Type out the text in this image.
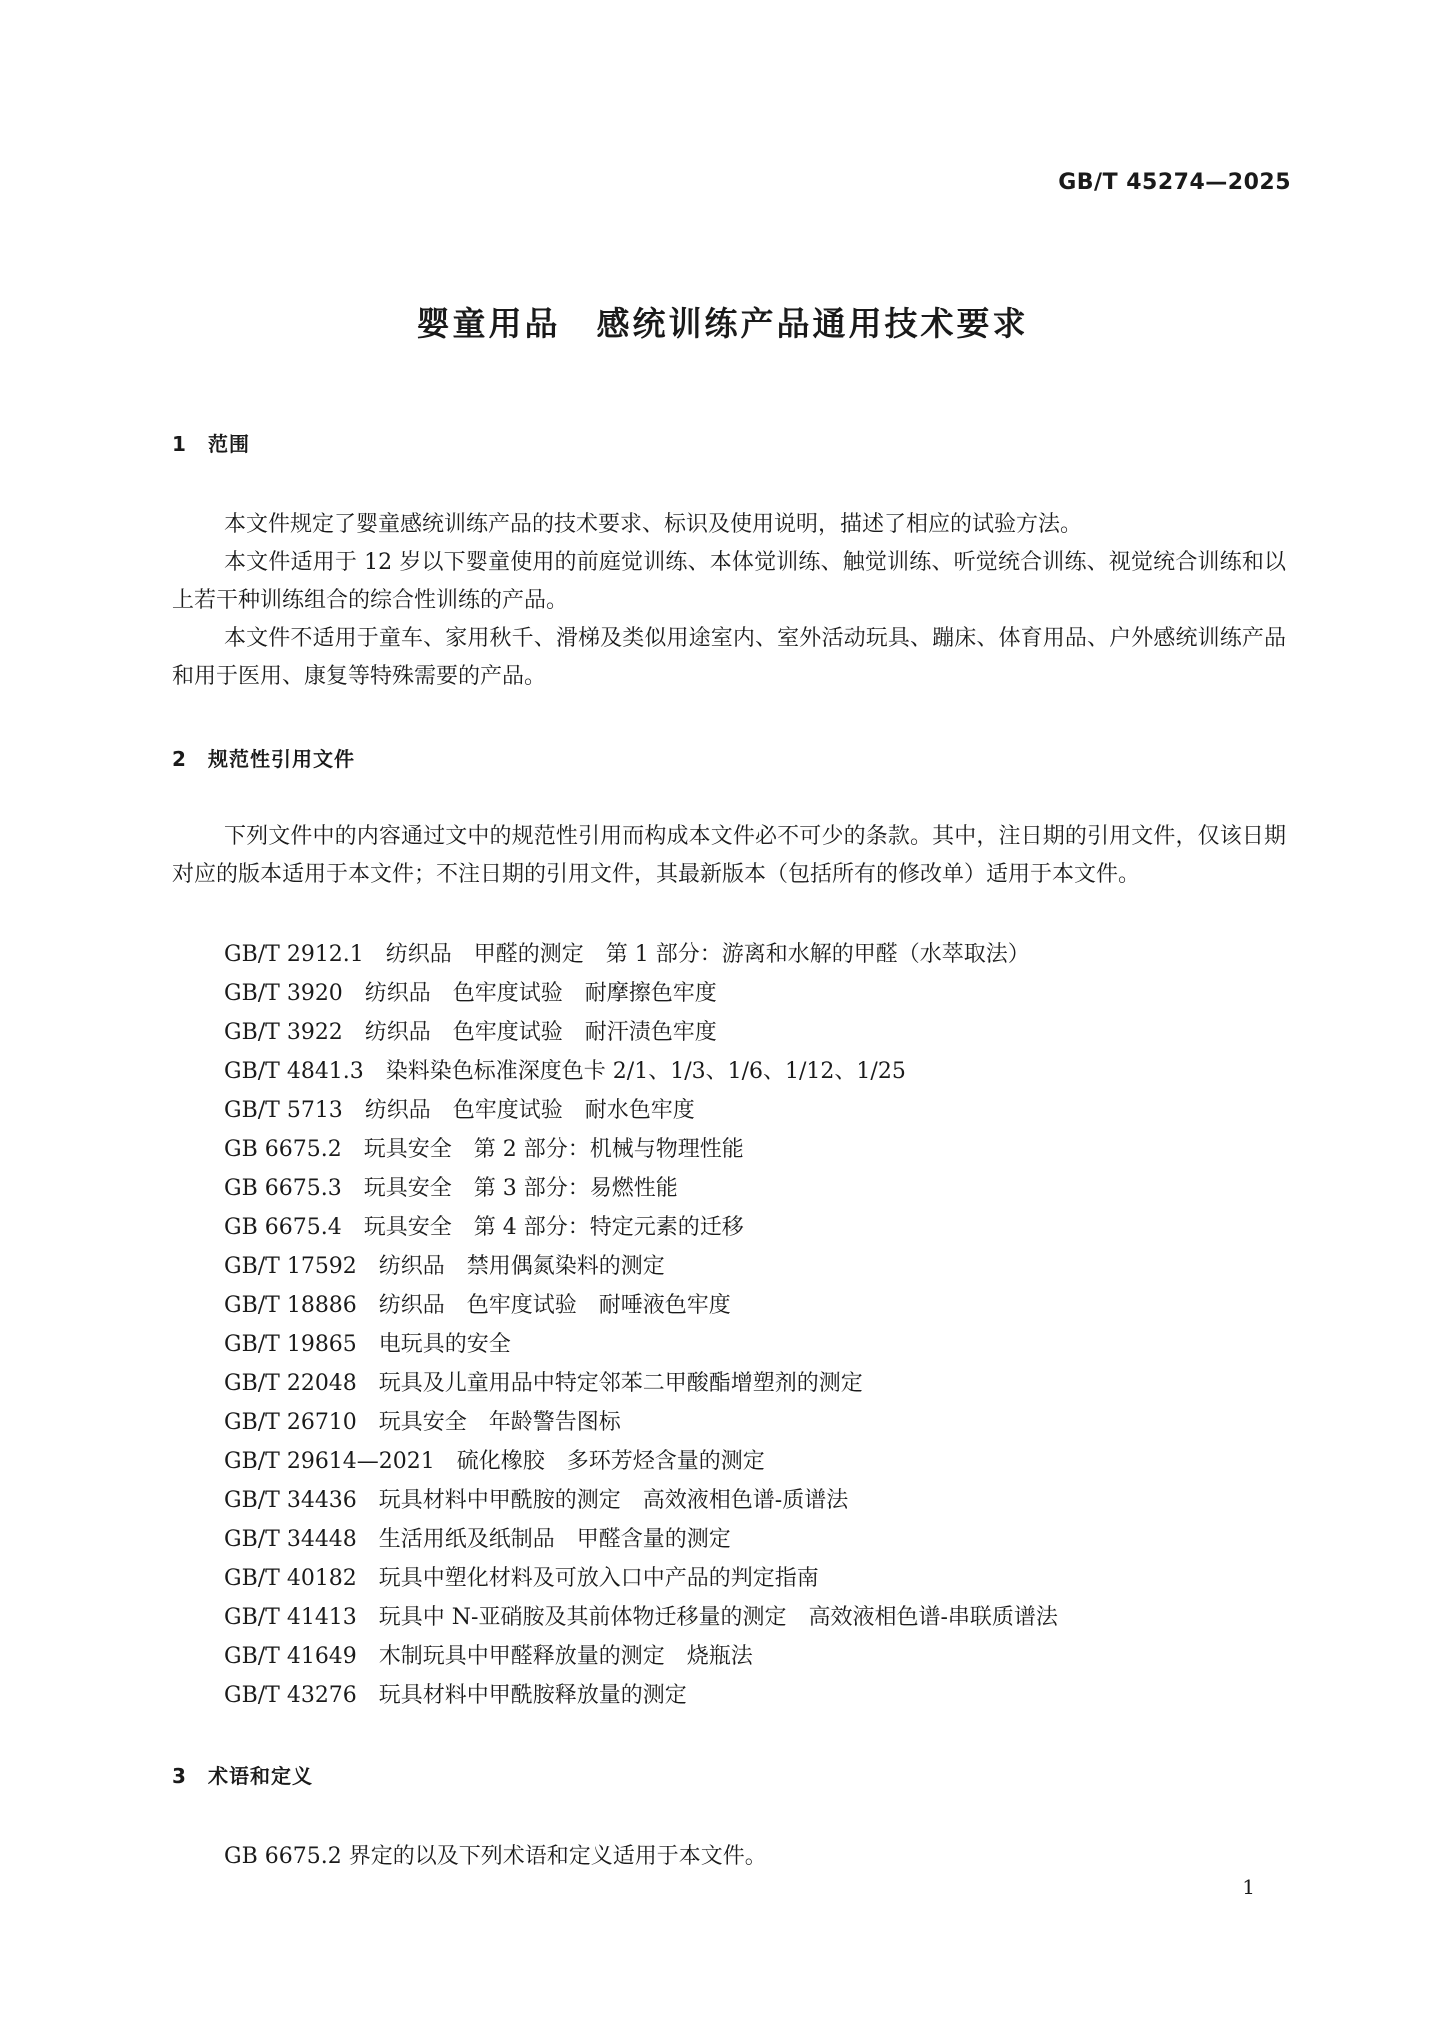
GB/T 45274—2025
婴童用品　感统训练产品通用技术要求
1 范围

本文件规定了婴童感统训练产品的技术要求、标识及使用说明，描述了相应的试验方法。

本文件适用于 12 岁以下婴童使用的前庭觉训练、本体觉训练、触觉训练、听觉统合训练、视觉统合训练和以上若干种训练组合的综合性训练的产品。

本文件不适用于童车、家用秋千、滑梯及类似用途室内、室外活动玩具、蹦床、体育用品、户外感统训练产品和用于医用、康复等特殊需要的产品。

2 规范性引用文件

下列文件中的内容通过文中的规范性引用而构成本文件必不可少的条款。其中，注日期的引用文件，仅该日期对应的版本适用于本文件；不注日期的引用文件，其最新版本（包括所有的修改单）适用于本文件。

GB/T 2912.1　纺织品　甲醛的测定　第 1 部分：游离和水解的甲醛（水萃取法）
GB/T 3920　纺织品　色牢度试验　耐摩擦色牢度
GB/T 3922　纺织品　色牢度试验　耐汗渍色牢度
GB/T 4841.3　染料染色标准深度色卡 2/1、1/3、1/6、1/12、1/25
GB/T 5713　纺织品　色牢度试验　耐水色牢度
GB 6675.2　玩具安全　第 2 部分：机械与物理性能
GB 6675.3　玩具安全　第 3 部分：易燃性能
GB 6675.4　玩具安全　第 4 部分：特定元素的迁移
GB/T 17592　纺织品　禁用偶氮染料的测定
GB/T 18886　纺织品　色牢度试验　耐唾液色牢度
GB/T 19865　电玩具的安全
GB/T 22048　玩具及儿童用品中特定邻苯二甲酸酯增塑剂的测定
GB/T 26710　玩具安全　年龄警告图标
GB/T 29614—2021　硫化橡胶　多环芳烃含量的测定
GB/T 34436　玩具材料中甲酰胺的测定　高效液相色谱-质谱法
GB/T 34448　生活用纸及纸制品　甲醛含量的测定
GB/T 40182　玩具中塑化材料及可放入口中产品的判定指南
GB/T 41413　玩具中 N-亚硝胺及其前体物迁移量的测定　高效液相色谱-串联质谱法
GB/T 41649　木制玩具中甲醛释放量的测定　烧瓶法
GB/T 43276　玩具材料中甲酰胺释放量的测定
3 术语和定义

GB 6675.2 界定的以及下列术语和定义适用于本文件。

1
